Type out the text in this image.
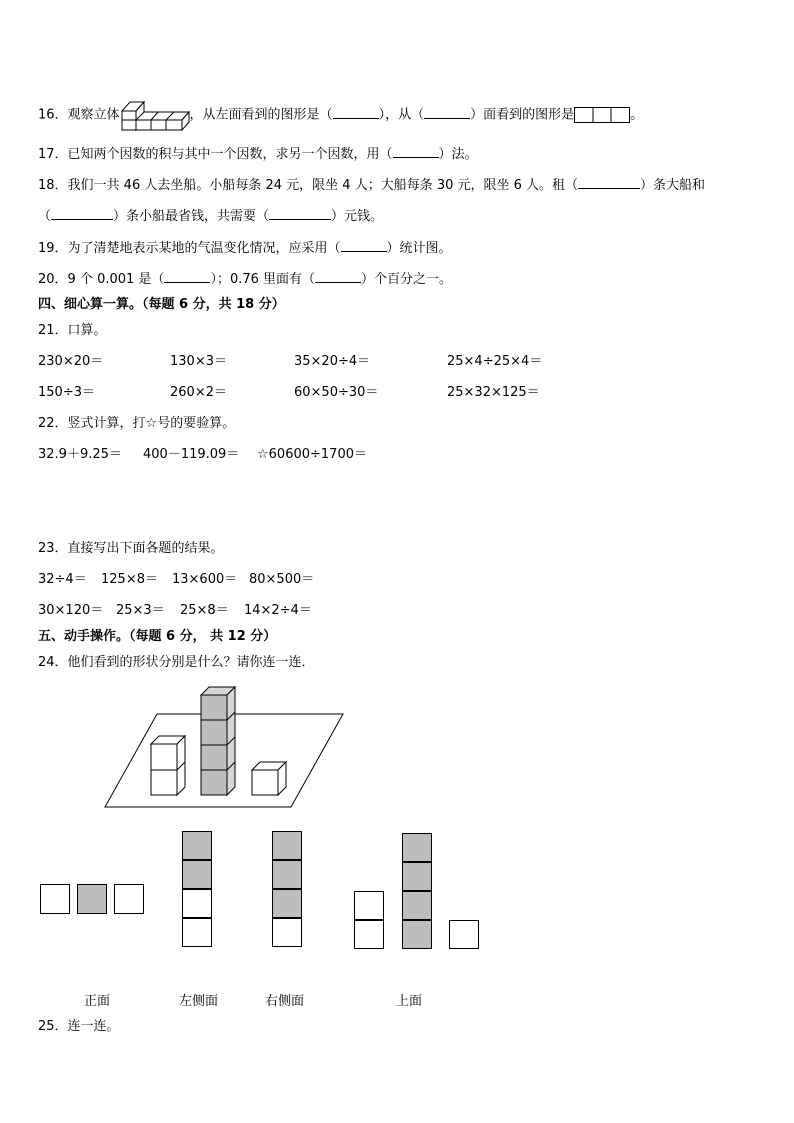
16．观察立体	，从左面看到的图形是（	），从（	）面看到的图形是	。
17．已知两个因数的积与其中一个因数，求另一个因数，用（	）法。
18．我们一共 46 人去坐船。小船每条 24 元，限坐 4 人；大船每条 30 元，限坐 6 人。租（	）条大船和
（	）条小船最省钱，共需要（	）元钱。
19．为了清楚地表示某地的气温变化情况，应采用（	）统计图。
20．9 个 0.001 是（	）；0.76 里面有（	）个百分之一。
四、细心算一算。（每题 6 分，共 18 分）
21．口算。
230×20＝	130×3＝	35×20÷4＝	25×4÷25×4＝
150÷3＝	260×2＝	60×50÷30＝	25×32×125＝
22．竖式计算，打☆号的要验算。
32.9＋9.25＝ 400－119.09＝ ☆60600÷1700＝
23．直接写出下面各题的结果。
32÷4＝ 125×8＝ 13×600＝ 80×500＝
30×120＝ 25×3＝ 25×8＝ 14×2÷4＝
五、动手操作。（每题 6 分， 共 12 分）
24．他们看到的形状分别是什么？请你连一连．
正面	左侧面	右侧面	上面
25．连一连。
